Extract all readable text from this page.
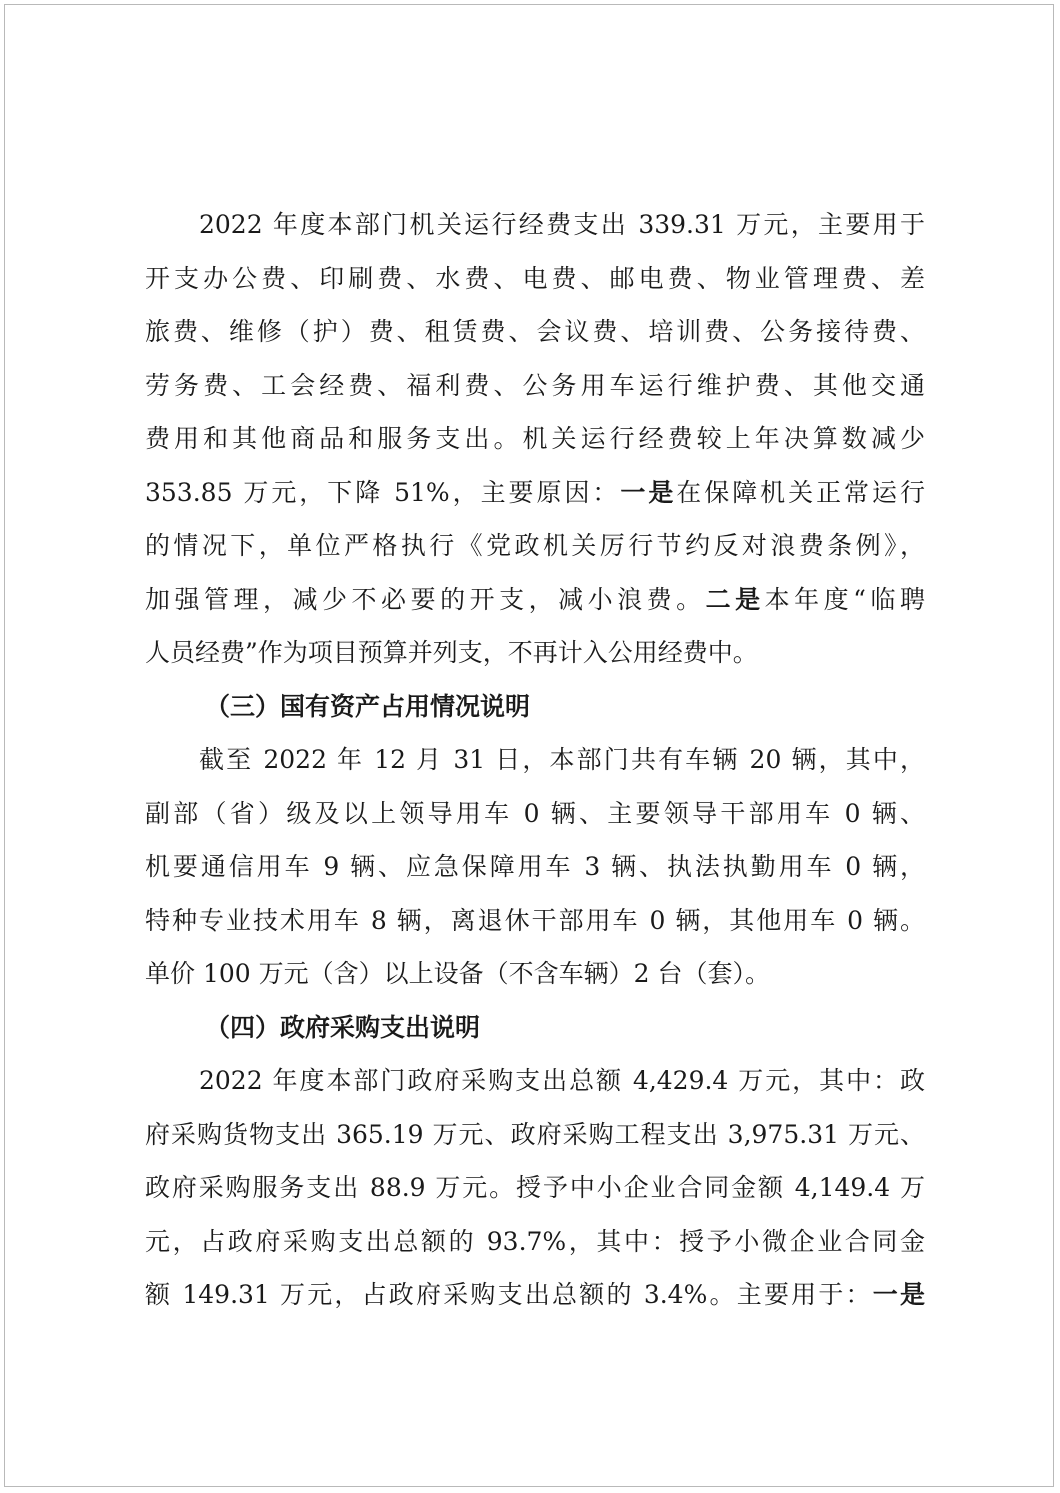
2022 年度本部门机关运行经费支出 339.31 万元，主要用于
开支办公费、印刷费、水费、电费、邮电费、物业管理费、差
旅费、维修（护）费、租赁费、会议费、培训费、公务接待费、
劳务费、工会经费、福利费、公务用车运行维护费、其他交通
费用和其他商品和服务支出。机关运行经费较上年决算数减少
353.85 万元，下降 51%，主要原因：一是在保障机关正常运行
的情况下，单位严格执行《党政机关厉行节约反对浪费条例》，
加强管理，减少不必要的开支，减小浪费。二是本年度“临聘
人员经费”作为项目预算并列支，不再计入公用经费中。
（三）国有资产占用情况说明
截至 2022 年 12 月 31 日，本部门共有车辆 20 辆，其中，
副部（省）级及以上领导用车 0 辆、主要领导干部用车 0 辆、
机要通信用车 9 辆、应急保障用车 3 辆、执法执勤用车 0 辆，
特种专业技术用车 8 辆，离退休干部用车 0 辆，其他用车 0 辆。
单价 100 万元（含）以上设备（不含车辆）2 台（套）。
（四）政府采购支出说明
2022 年度本部门政府采购支出总额 4,429.4 万元，其中：政
府采购货物支出 365.19 万元、政府采购工程支出 3,975.31 万元、
政府采购服务支出 88.9 万元。授予中小企业合同金额 4,149.4 万
元，占政府采购支出总额的 93.7%，其中：授予小微企业合同金
额 149.31 万元，占政府采购支出总额的 3.4%。主要用于：一是
